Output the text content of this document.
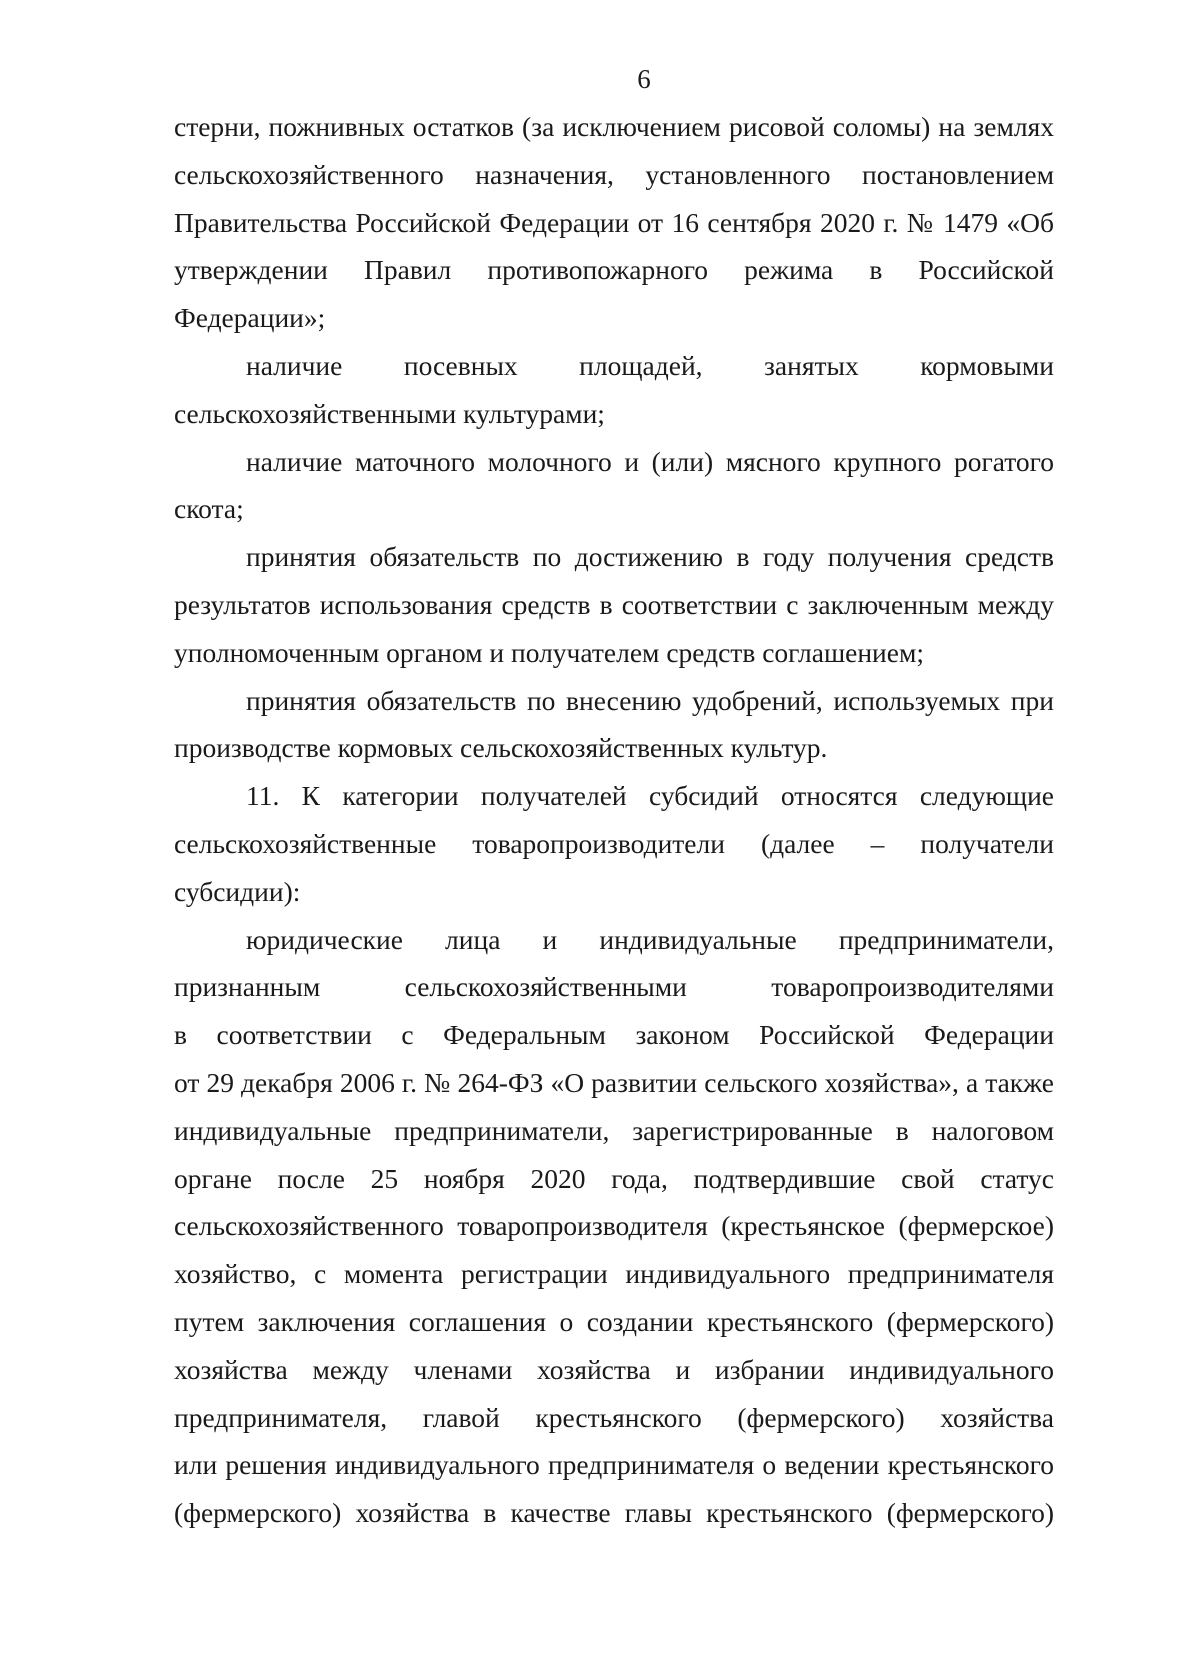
6

стерни, пожнивных остатков (за исключением рисовой соломы) на землях

сельскохозяйственного назначения, установленного постановлением

Правительства Российской Федерации от 16 сентября 2020 г. № 1479 «Об

утверждении Правил противопожарного режима в Российской

Федерации»;

наличие посевных площадей, занятых кормовыми

сельскохозяйственными культурами;

наличие маточного молочного и (или) мясного крупного рогатого

скота;

принятия обязательств по достижению в году получения средств

результатов использования средств в соответствии с заключенным между

уполномоченным органом и получателем средств соглашением;

принятия обязательств по внесению удобрений, используемых при

производстве кормовых сельскохозяйственных культур.

11. К категории получателей субсидий относятся следующие

сельскохозяйственные товаропроизводители (далее – получатели

субсидии):

юридические лица и индивидуальные предприниматели,

признанным сельскохозяйственными товаропроизводителями

в соответствии с Федеральным законом Российской Федерации

от 29 декабря 2006 г. № 264-ФЗ «О развитии сельского хозяйства», а также

индивидуальные предприниматели, зарегистрированные в налоговом

органе после 25 ноября 2020 года, подтвердившие свой статус

сельскохозяйственного товаропроизводителя (крестьянское (фермерское)

хозяйство, с момента регистрации индивидуального предпринимателя

путем заключения соглашения о создании крестьянского (фермерского)

хозяйства между членами хозяйства и избрании индивидуального

предпринимателя, главой крестьянского (фермерского) хозяйства

или решения индивидуального предпринимателя о ведении крестьянского

(фермерского) хозяйства в качестве главы крестьянского (фермерского)
